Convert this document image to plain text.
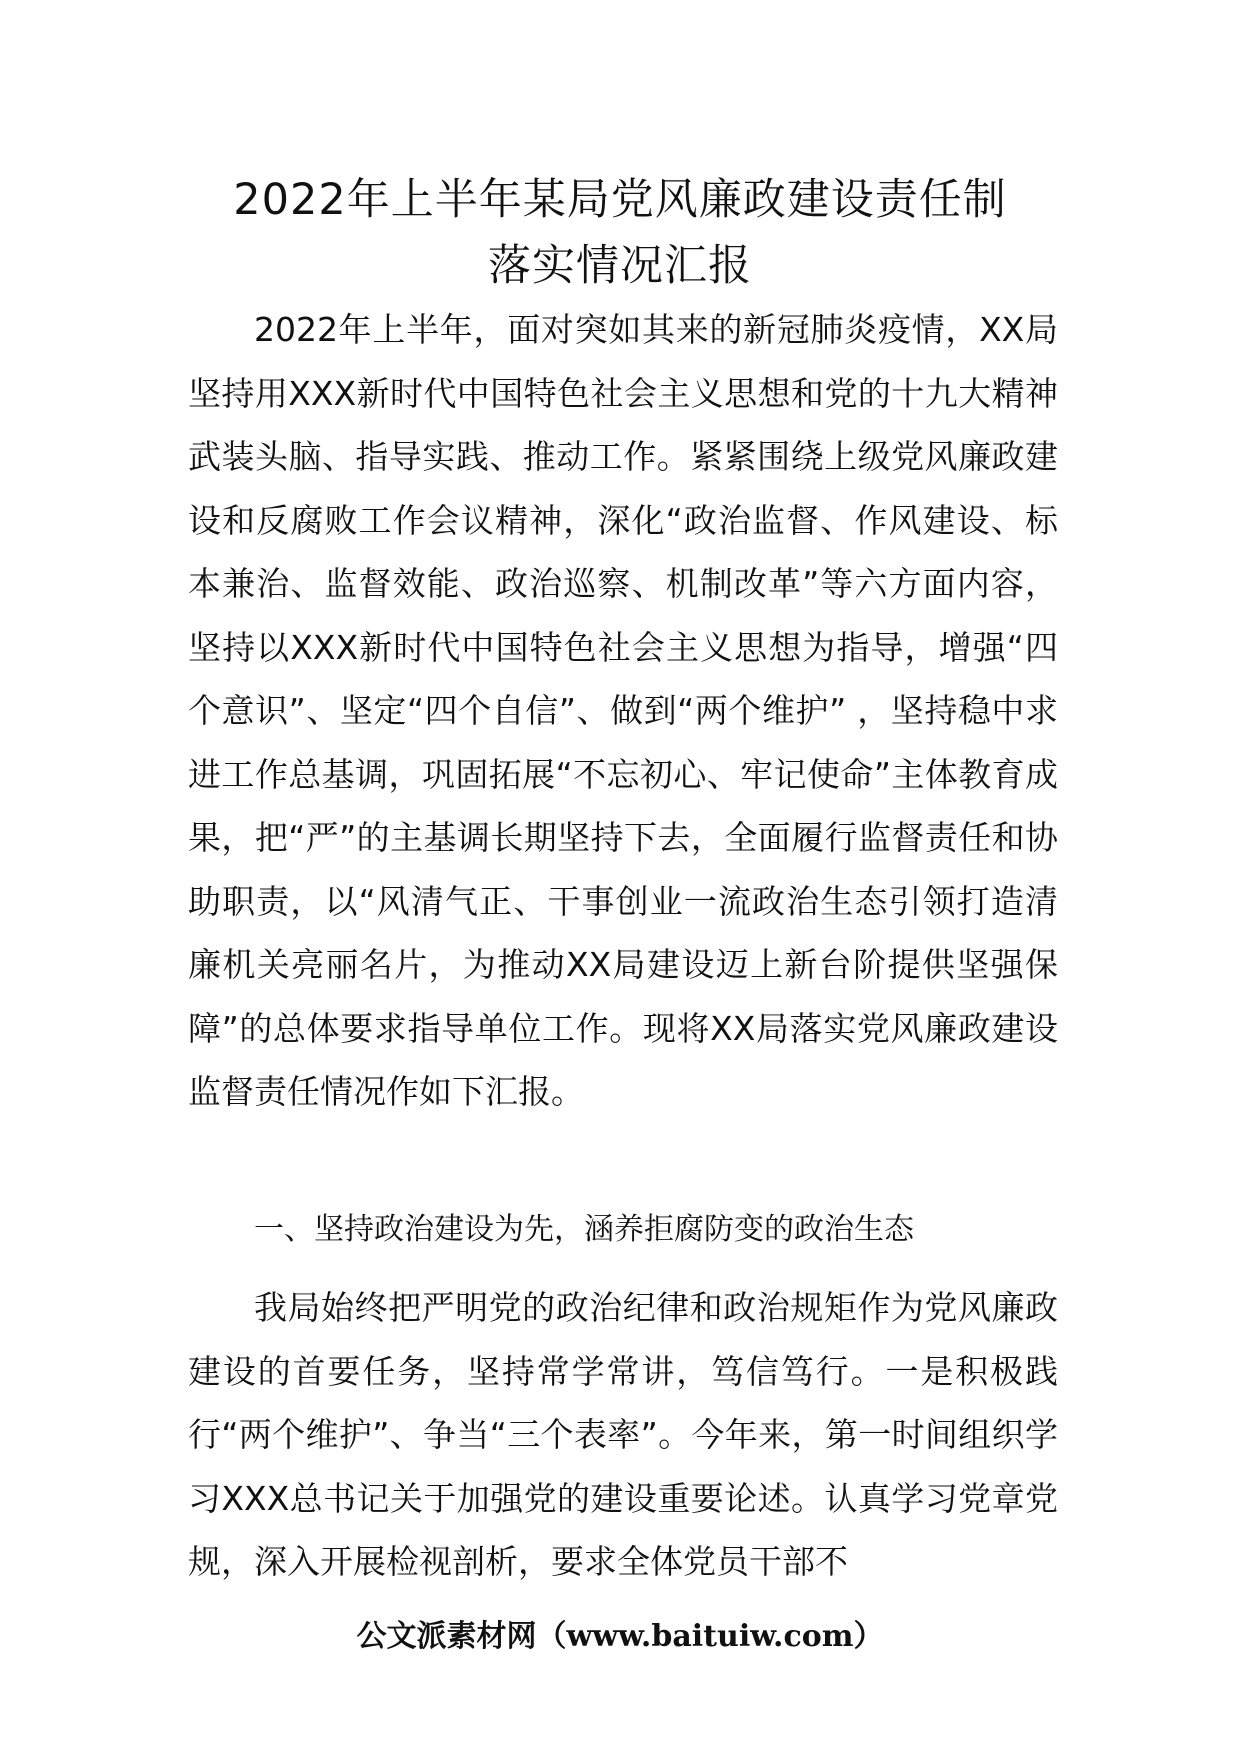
2022年上半年某局党风廉政建设责任制
落实情况汇报

2022年上半年，面对突如其来的新冠肺炎疫情，XX局坚持用XXX新时代中国特色社会主义思想和党的十九大精神武装头脑、指导实践、推动工作。紧紧围绕上级党风廉政建设和反腐败工作会议精神，深化“政治监督、作风建设、标本兼治、监督效能、政治巡察、机制改革”等六方面内容，坚持以XXX新时代中国特色社会主义思想为指导，增强“四个意识”、坚定“四个自信”、做到“两个维护” ，坚持稳中求进工作总基调，巩固拓展“不忘初心、牢记使命”主体教育成果，把“严”的主基调长期坚持下去，全面履行监督责任和协助职责，以“风清气正、干事创业一流政治生态引领打造清廉机关亮丽名片，为推动XX局建设迈上新台阶提供坚强保障”的总体要求指导单位工作。现将XX局落实党风廉政建设监督责任情况作如下汇报。

一、坚持政治建设为先，涵养拒腐防变的政治生态

我局始终把严明党的政治纪律和政治规矩作为党风廉政建设的首要任务，坚持常学常讲，笃信笃行。一是积极践行“两个维护”、争当“三个表率”。今年来，第一时间组织学习XXX总书记关于加强党的建设重要论述。认真学习党章党规，深入开展检视剖析，要求全体党员干部不

公文派素材网（www.baituiw.com）
